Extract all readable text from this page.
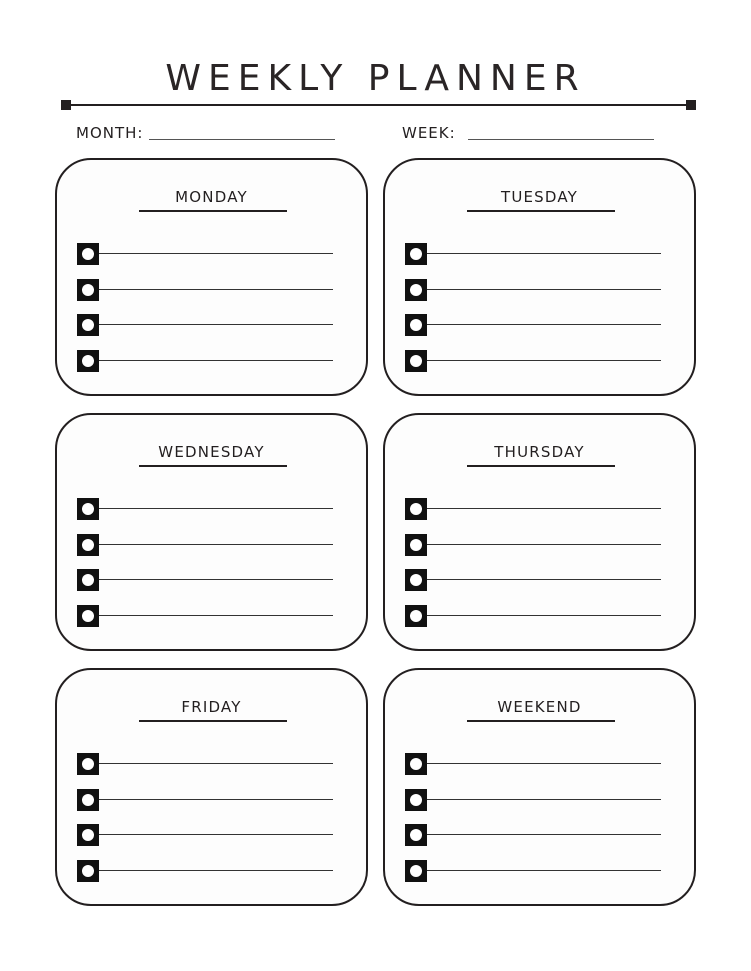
WEEKLY PLANNER
MONTH:	WEEK:
MONDAY	TUESDAY
WEDNESDAY	THURSDAY
FRIDAY	WEEKEND
